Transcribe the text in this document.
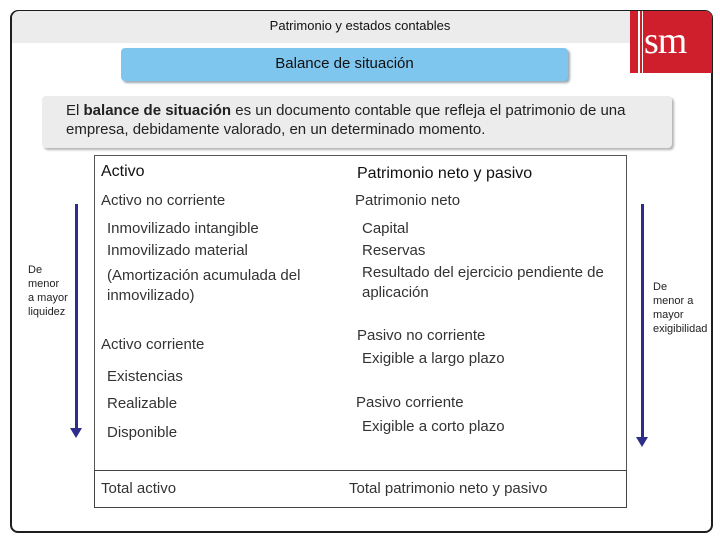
Patrimonio y estados contables	sm
Balance de situación
El balance de situación es un documento contable que refleja el patrimonio de una empresa, debidamente valorado, en un determinado momento.
Activo
Activo no corriente
Inmovilizado intangible
Inmovilizado material
(Amortización acumulada del
inmovilizado)
Activo corriente
Existencias
Realizable
Disponible
Total activo
Patrimonio neto y pasivo
Patrimonio neto
Capital
Reservas
Resultado del ejercicio pendiente de
aplicación
Pasivo no corriente
Exigible a largo plazo
Pasivo corriente
Exigible a corto plazo
Total patrimonio neto y pasivo
De
menor
a mayor
liquidez
De
menor a
mayor
exigibilidad
